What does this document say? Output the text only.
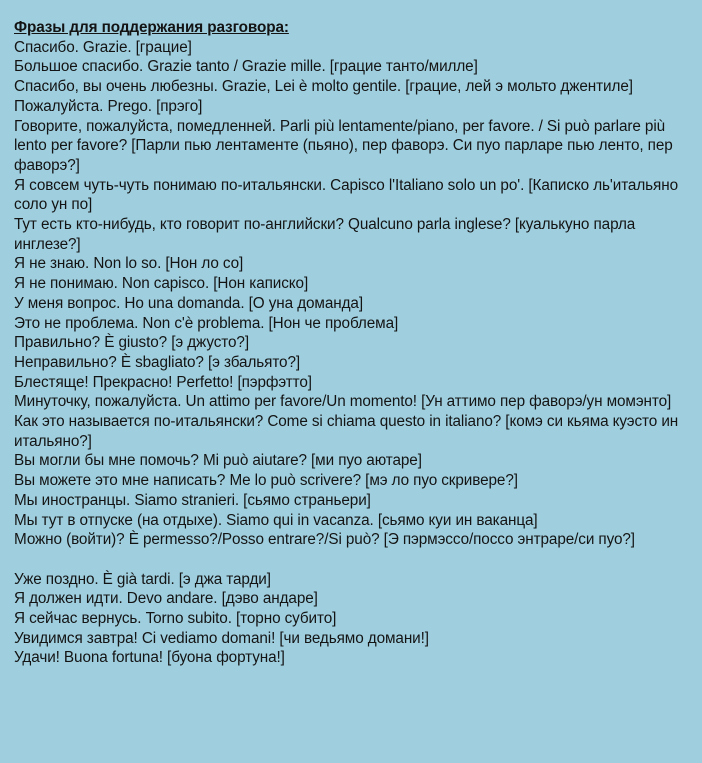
Фразы для поддержания разговора:

Спасибо. Grazie. [грацие]

Большое спасибо. Grazie tanto / Grazie mille. [грацие танто/милле]

Спасибо, вы очень любезны. Grazie, Lei è molto gentile. [грацие, лей э мольто джентиле]

Пожалуйста. Prego. [прэго]

Говорите, пожалуйста, помедленней. Parli più lentamente/piano, per favore. / Si può parlare più lento per favore? [Парли пью лентаменте (пьяно), пер фаворэ. Си пуо парларе пью ленто, пер фаворэ?]

Я совсем чуть-чуть понимаю по-итальянски. Capisco l'Italiano solo un po'. [Каписко ль'итальяно соло ун по]

Тут есть кто-нибудь, кто говорит по-английски? Qualcuno parla inglese? [куалькуно парла инглезе?]

Я не знаю. Non lo so. [Нон ло со]

Я не понимаю. Non capisco. [Нон каписко]

У меня вопрос. Ho una domanda. [О уна доманда]

Это не проблема. Non c'è problema. [Нон че проблема]

Правильно? È giusto? [э джусто?]

Неправильно? È sbagliato? [э збальято?]

Блестяще! Прекрасно! Perfetto! [пэрфэтто]

Минуточку, пожалуйста. Un attimo per favore/Un momento! [Ун аттимо пер фаворэ/ун момэнто]

Как это называется по-итальянски? Come si chiama questo in italiano? [комэ си кьяма куэсто ин итальяно?]

Вы могли бы мне помочь? Mi può aiutare? [ми пуо аютаре]

Вы можете это мне написать? Me lo può scrivere? [мэ ло пуо скривере?]

Мы иностранцы. Siamo stranieri. [сьямо страньери]

Мы тут в отпуске (на отдыхе). Siamo qui in vacanza. [сьямо куи ин ваканца]

Можно (войти)? È permesso?/Posso entrare?/Si può? [Э пэрмэссо/поссо энтраре/си пуо?]

Уже поздно. È già tardi. [э джа тарди]

Я должен идти. Devo andare. [дэво андаре]

Я сейчас вернусь. Torno subito. [торно субито]

Увидимся завтра! Ci vediamo domani! [чи ведьямо домани!]

Удачи! Buona fortuna! [буона фортуна!]
